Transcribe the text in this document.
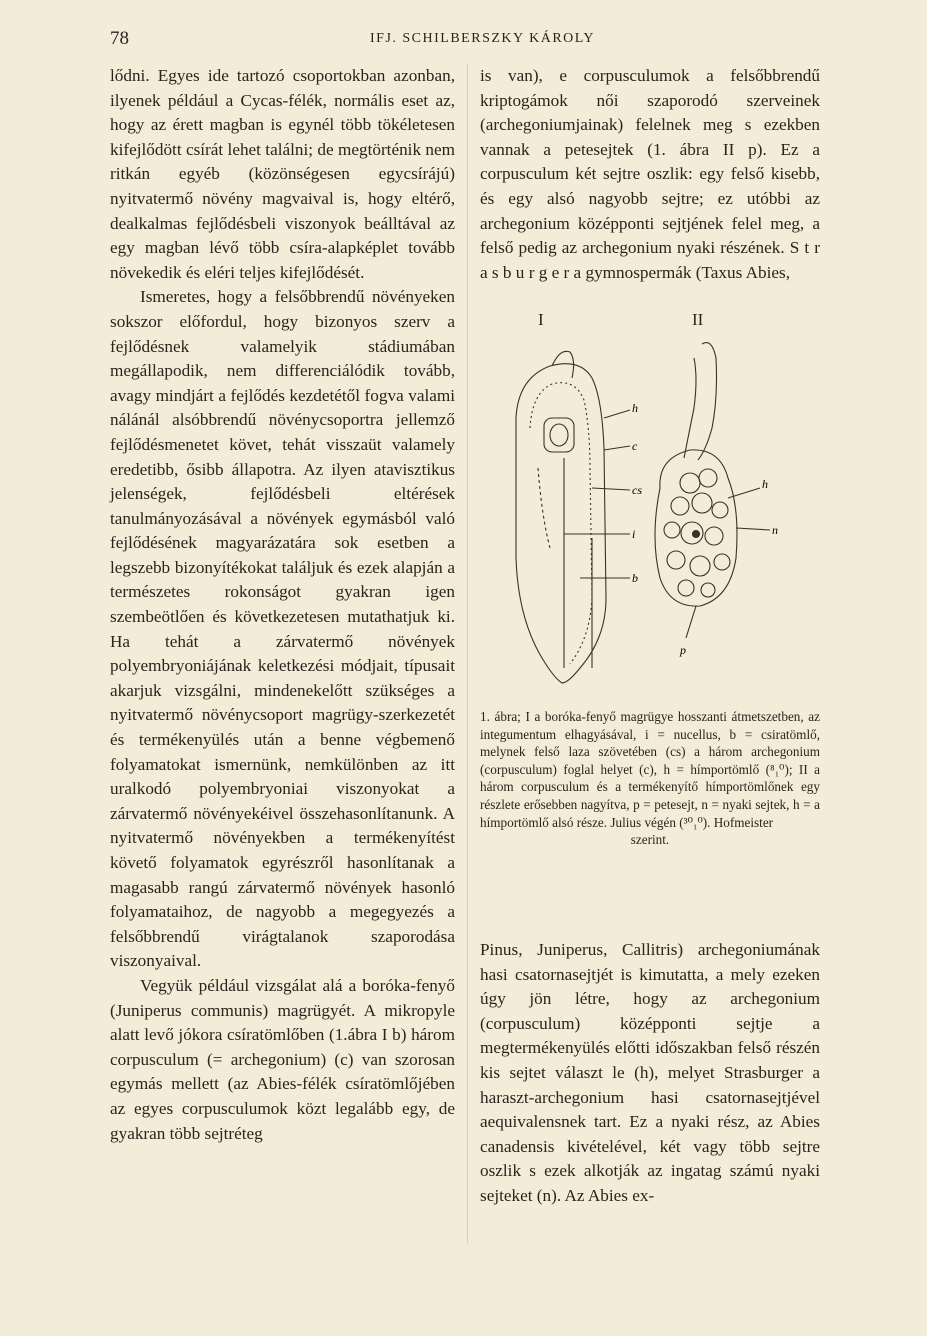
78	IFJ. SCHILBERSZKY KÁROLY

lődni. Egyes ide tartozó csoportokban azonban, ilyenek például a Cycas-félék, normális eset az, hogy az érett magban is egynél több tökéletesen kifejlődött csírát lehet találni; de megtörténik nem ritkán egyéb (közönségesen egycsírájú) nyitvatermő növény magvaival is, hogy eltérő, dealkalmas fejlődésbeli viszonyok beálltával az egy magban lévő több csíra-alapképlet tovább növekedik és eléri teljes kifejlődését.

Ismeretes, hogy a felsőbbrendű növényeken sokszor előfordul, hogy bizonyos szerv a fejlődésnek valamelyik stádiumában megállapodik, nem differenciálódik tovább, avagy mindjárt a fejlődés kezdetétől fogva valami nálánál alsóbbrendű növénycsoportra jellemző fejlődésmenetet követ, tehát visszaüt valamely eredetibb, ősibb állapotra. Az ilyen atavisztikus jelenségek, fejlődésbeli eltérések tanulmányozásával a növények egymásból való fejlődésének magyarázatára sok esetben a legszebb bizonyítékokat találjuk és ezek alapján a természetes rokonságot gyakran igen szembeötlően és következetesen mutathatjuk ki. Ha tehát a zárvatermő növények polyembryoniájának keletkezési módjait, típusait akarjuk vizsgálni, mindenekelőtt szükséges a nyitvatermő növénycsoport magrügy-szerkezetét és termékenyülés után a benne végbemenő folyamatokat ismernünk, nemkülönben az itt uralkodó polyembryoniai viszonyokat a zárvatermő növényekéivel összehasonlítanunk. A nyitvatermő növényekben a termékenyítést követő folyamatok egyrészről hasonlítanak a magasabb rangú zárvatermő növények hasonló folyamataihoz, de nagyobb a megegyezés a felsőbbrendű virágtalanok szaporodása viszonyaival.

Vegyük például vizsgálat alá a boróka-fenyő (Juniperus communis) magrügyét. A mikropyle alatt levő jókora csíratömlőben (1.ábra I b) három corpusculum (= archegonium) (c) van szorosan egymás mellett (az Abies-félék csíratömlőjében az egyes corpusculumok közt legalább egy, de gyakran több sejtréteg

is van), e corpusculumok a felsőbbrendű kriptogámok női szaporodó szerveinek (archegoniumjainak) felelnek meg s ezekben vannak a petesejtek (1. ábra II p). Ez a corpusculum két sejtre oszlik: egy felső kisebb, és egy alsó nagyobb sejtre; ez utóbbi az archegonium középponti sejtjének felel meg, a felső pedig az archegonium nyaki részének. S t r a s b u r g e r a gymnospermák (Taxus Abies,

I	II
h
c
cs
i
b
h
n
p
1. ábra; I a boróka-fenyő magrügye hosszanti átmetszetben, az integumentum elhagyásával, i = nucellus, b = csiratömlő, melynek felső laza szövetében (cs) a három archegonium (corpusculum) foglal helyet (c), h = hímportömlő (⁸₁⁰); II a három corpusculum és a termékenyítő hímportömlőnek egy részlete erősebben nagyítva, p = petesejt, n = nyaki sejtek, h = a hímportömlő alsó része. Julius végén (³⁰₁⁰). Hofmeister
szerint.

Pinus, Juniperus, Callitris) archegoniumának hasi csatornasejtjét is kimutatta, a mely ezeken úgy jön létre, hogy az archegonium (corpusculum) középponti sejtje a megtermékenyülés előtti időszakban felső részén kis sejtet választ le (h), melyet Strasburger a haraszt-archegonium hasi csatornasejtjével aequivalensnek tart. Ez a nyaki rész, az Abies canadensis kivételével, két vagy több sejtre oszlik s ezek alkotják az ingatag számú nyaki sejteket (n). Az Abies ex-
